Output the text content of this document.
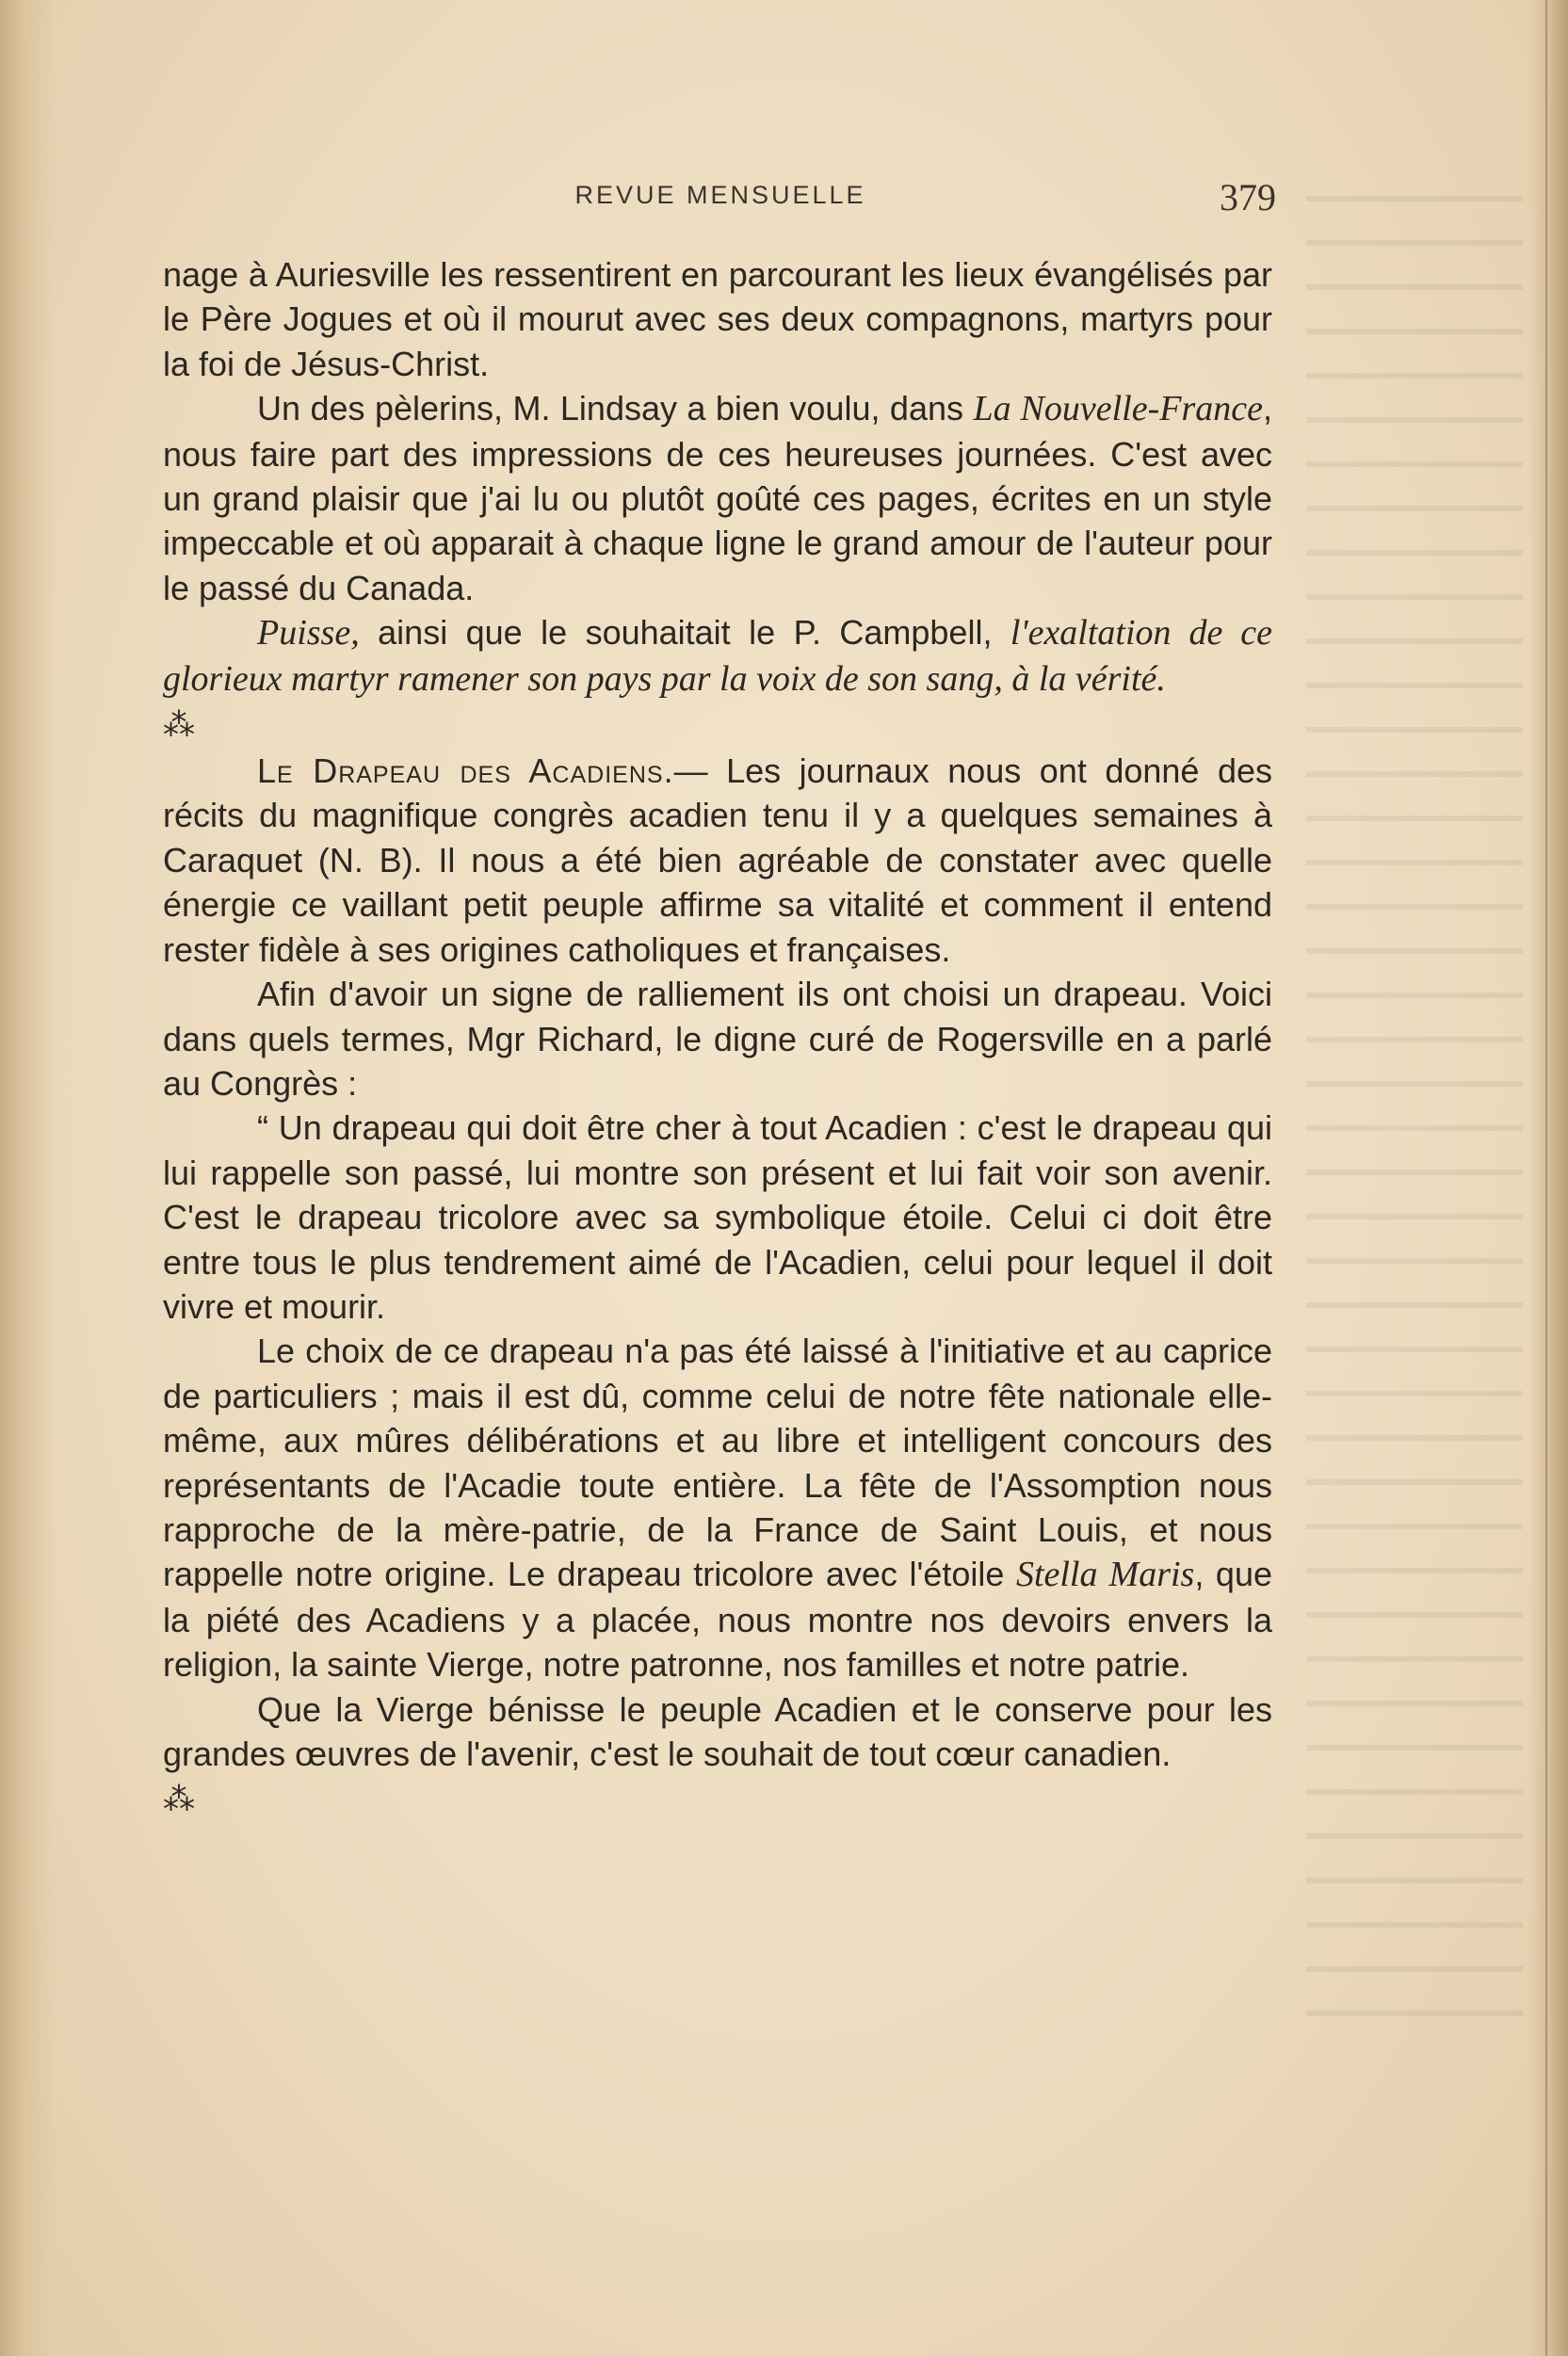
REVUE MENSUELLE	379

nage à Auriesville les ressentirent en parcourant les lieux évangélisés par le Père Jogues et où il mourut avec ses deux compagnons, martyrs pour la foi de Jésus-Christ.

Un des pèlerins, M. Lindsay a bien voulu, dans La Nouvelle-France, nous faire part des impressions de ces heureuses journées. C'est avec un grand plaisir que j'ai lu ou plutôt goûté ces pages, écrites en un style impeccable et où apparait à chaque ligne le grand amour de l'auteur pour le passé du Canada.

Puisse, ainsi que le souhaitait le P. Campbell, l'exaltation de ce glorieux martyr ramener son pays par la voix de son sang, à la vérité.

⁂

Le Drapeau des Acadiens.— Les journaux nous ont donné des récits du magnifique congrès acadien tenu il y a quelques semaines à Caraquet (N. B). Il nous a été bien agréable de constater avec quelle énergie ce vaillant petit peuple affirme sa vitalité et comment il entend rester fidèle à ses origines catholiques et françaises.

Afin d'avoir un signe de ralliement ils ont choisi un drapeau. Voici dans quels termes, Mgr Richard, le digne curé de Rogersville en a parlé au Congrès :

“ Un drapeau qui doit être cher à tout Acadien : c'est le drapeau qui lui rappelle son passé, lui montre son présent et lui fait voir son avenir. C'est le drapeau tricolore avec sa symbolique étoile. Celui ci doit être entre tous le plus tendrement aimé de l'Acadien, celui pour lequel il doit vivre et mourir.

Le choix de ce drapeau n'a pas été laissé à l'initiative et au caprice de particuliers ; mais il est dû, comme celui de notre fête nationale elle-même, aux mûres délibérations et au libre et intelligent concours des représentants de l'Acadie toute entière. La fête de l'Assomption nous rapproche de la mère-patrie, de la France de Saint Louis, et nous rappelle notre origine. Le drapeau tricolore avec l'étoile Stella Maris, que la piété des Acadiens y a placée, nous montre nos devoirs envers la religion, la sainte Vierge, notre patronne, nos familles et notre patrie.

Que la Vierge bénisse le peuple Acadien et le conserve pour les grandes œuvres de l'avenir, c'est le souhait de tout cœur canadien.

⁂
